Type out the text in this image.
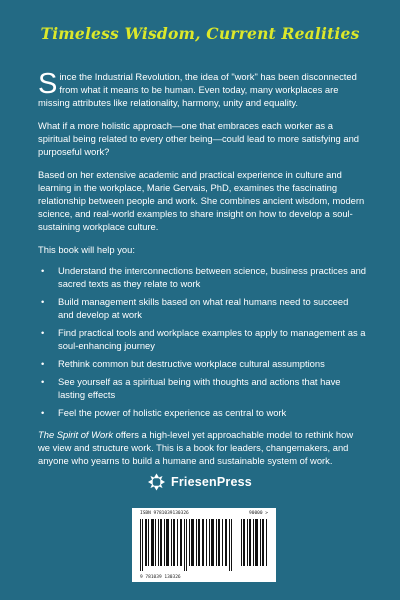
Timeless Wisdom, Current Realities

Since the Industrial Revolution, the idea of "work" has been disconnected from what it means to be human. Even today, many workplaces are missing attributes like relationality, harmony, unity and equality.

What if a more holistic approach—one that embraces each worker as a spiritual being related to every other being—could lead to more satisfying and purposeful work?

Based on her extensive academic and practical experience in culture and learning in the workplace, Marie Gervais, PhD, examines the fascinating relationship between people and work. She combines ancient wisdom, modern science, and real-world examples to share insight on how to develop a soul-sustaining workplace culture.

This book will help you:

• Understand the interconnections between science, business practices and sacred texts as they relate to work
• Build management skills based on what real humans need to succeed and develop at work
• Find practical tools and workplace examples to apply to management as a soul-enhancing journey
• Rethink common but destructive workplace cultural assumptions
• See yourself as a spiritual being with thoughts and actions that have lasting effects
• Feel the power of holistic experience as central to work

The Spirit of Work offers a high-level yet approachable model to rethink how we view and structure work. This is a book for leaders, changemakers, and anyone who yearns to build a humane and sustainable system of work.

FriesenPress
ISBN 9781039130326	90000 >
9 781039 130326
